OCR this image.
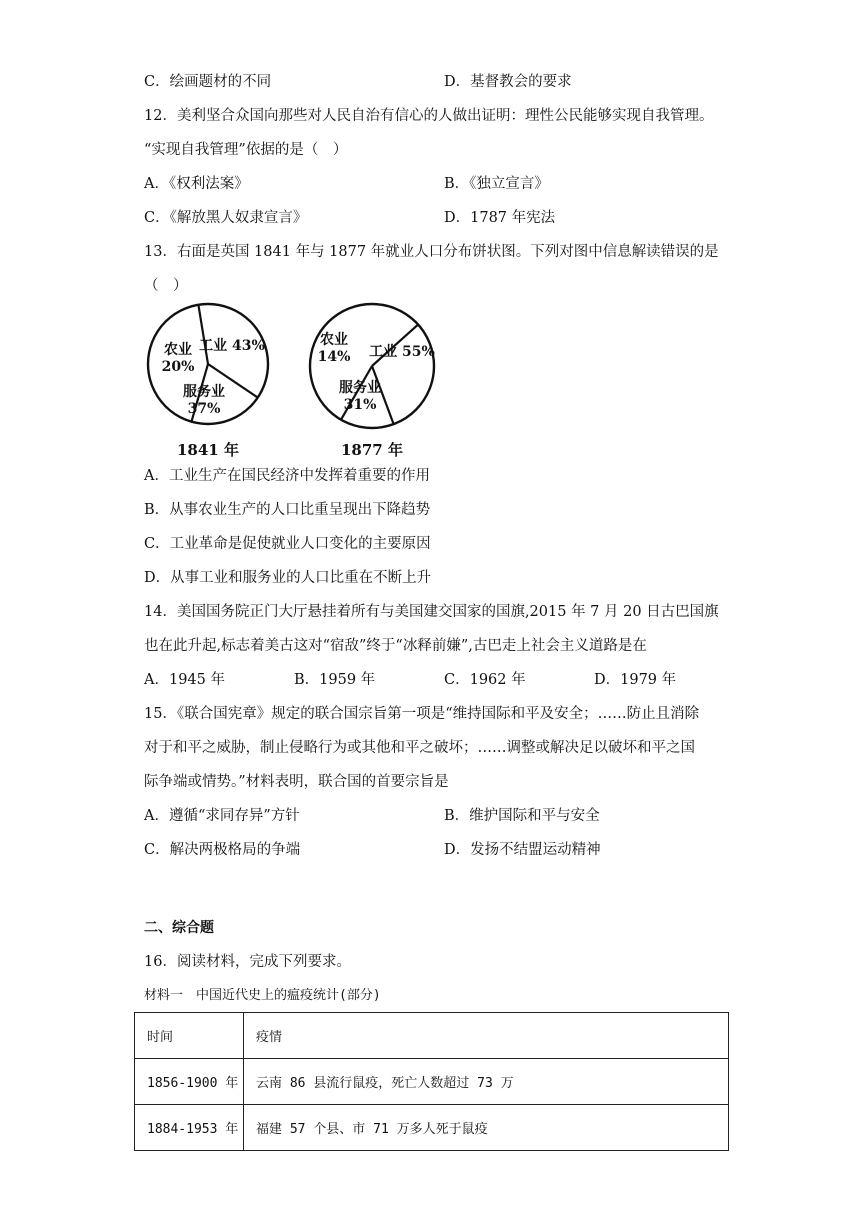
C．绘画题材的不同	D．基督教会的要求
12．美利坚合众国向那些对人民自治有信心的人做出证明：理性公民能够实现自我管理。
“实现自我管理”依据的是（　）
A．《权利法案》	B．《独立宣言》
C．《解放黑人奴隶宣言》	D．1787 年宪法
13．右面是英国 1841 年与 1877 年就业人口分布饼状图。下列对图中信息解读错误的是
（　）
工业 43%
服务业 37%
农业 20%
1841 年
工业 55%
服务业 31%
农业 14%
1877 年
A．工业生产在国民经济中发挥着重要的作用
B．从事农业生产的人口比重呈现出下降趋势
C．工业革命是促使就业人口变化的主要原因
D．从事工业和服务业的人口比重在不断上升
14．美国国务院正门大厅悬挂着所有与美国建交国家的国旗,2015 年 7 月 20 日古巴国旗
也在此升起,标志着美古这对“宿敌”终于“冰释前嫌”,古巴走上社会主义道路是在
A．1945 年	B．1959 年	C．1962 年	D．1979 年
15．《联合国宪章》规定的联合国宗旨第一项是“维持国际和平及安全；……防止且消除
对于和平之威胁，制止侵略行为或其他和平之破坏；……调整或解决足以破坏和平之国
际争端或情势。”材料表明，联合国的首要宗旨是
A．遵循“求同存异”方针	B．维护国际和平与安全
C．解决两极格局的争端	D．发扬不结盟运动精神
二、综合题
16．阅读材料，完成下列要求。
材料一　中国近代史上的瘟疫统计(部分)
时间	疫情
1856-1900 年	云南 86 县流行鼠疫，死亡人数超过 73 万
1884-1953 年	福建 57 个县、市 71 万多人死于鼠疫
